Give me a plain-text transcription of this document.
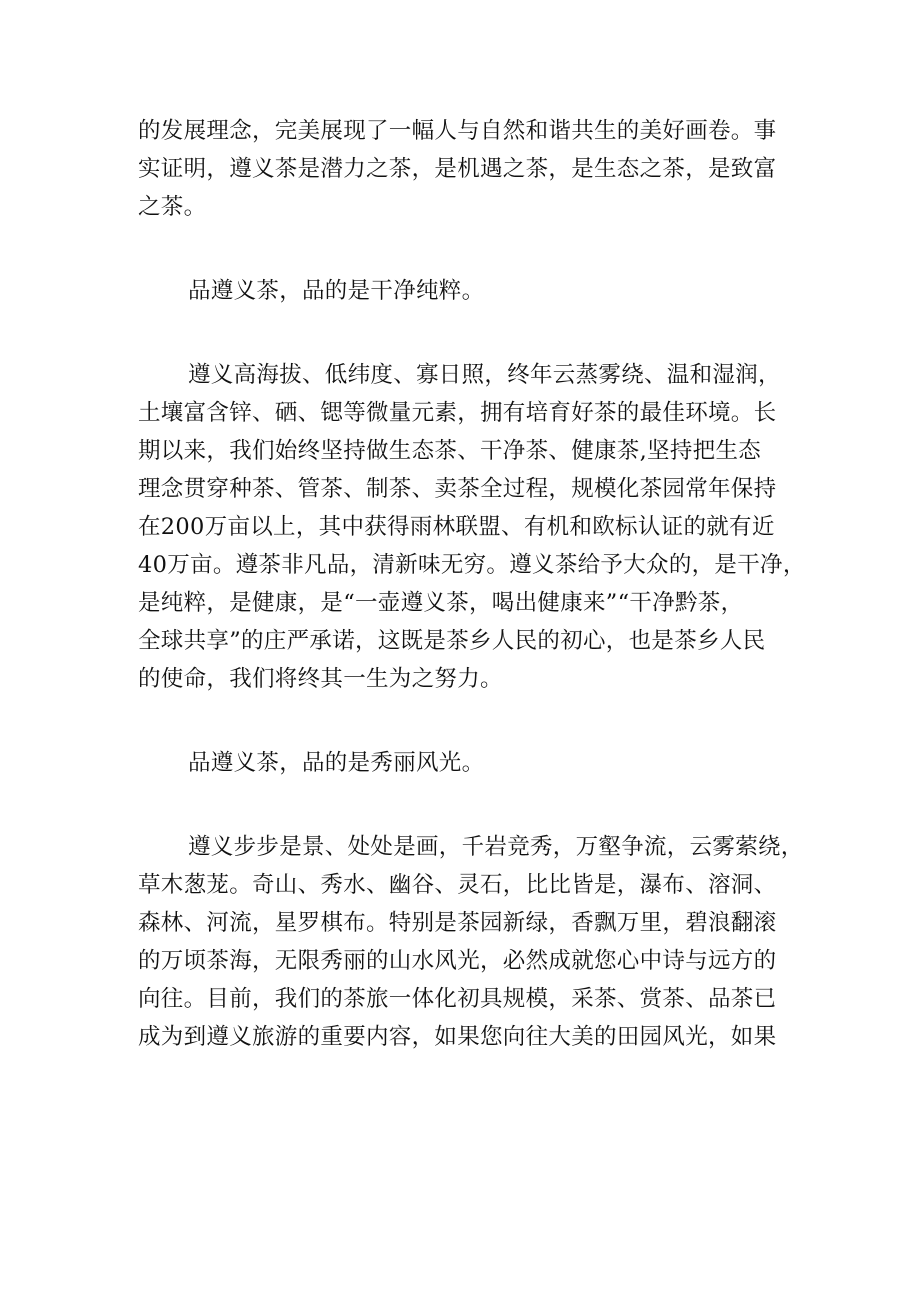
的发展理念，完美展现了一幅人与自然和谐共生的美好画卷。事
实证明，遵义茶是潜力之茶，是机遇之茶，是生态之茶，是致富
之茶。
品遵义茶，品的是干净纯粹。
遵义高海拔、低纬度、寡日照，终年云蒸雾绕、温和湿润，
土壤富含锌、硒、锶等微量元素，拥有培育好茶的最佳环境。长
期以来，我们始终坚持做生态茶、干净茶、健康茶,坚持把生态
理念贯穿种茶、管茶、制茶、卖茶全过程，规模化茶园常年保持
在200万亩以上，其中获得雨林联盟、有机和欧标认证的就有近
40万亩。遵茶非凡品，清新味无穷。遵义茶给予大众的，是干净，
是纯粹，是健康，是“一壶遵义茶，喝出健康来”“干净黔茶，
全球共享”的庄严承诺，这既是茶乡人民的初心，也是茶乡人民
的使命，我们将终其一生为之努力。
品遵义茶，品的是秀丽风光。
遵义步步是景、处处是画，千岩竞秀，万壑争流，云雾萦绕，
草木葱茏。奇山、秀水、幽谷、灵石，比比皆是，瀑布、溶洞、
森林、河流，星罗棋布。特别是茶园新绿，香飘万里，碧浪翻滚
的万顷茶海，无限秀丽的山水风光，必然成就您心中诗与远方的
向往。目前，我们的茶旅一体化初具规模，采茶、赏茶、品茶已
成为到遵义旅游的重要内容，如果您向往大美的田园风光，如果
